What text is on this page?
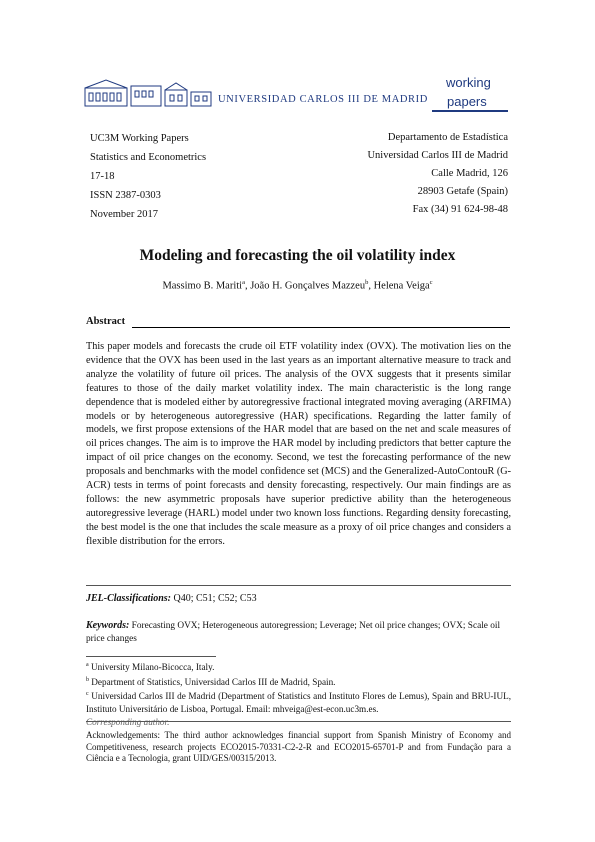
UNIVERSIDAD CARLOS III DE MADRID
working
papers
UC3M Working Papers
Statistics and Econometrics
17-18
ISSN 2387-0303
November 2017
Departamento de Estadística
Universidad Carlos III de Madrid
Calle Madrid, 126
28903 Getafe (Spain)
Fax (34) 91 624-98-48
Modeling and forecasting the oil volatility index
Massimo B. Mariti$^a$, João H. Gonçalves Mazzeu$^b$, Helena Veiga$^c$
Abstract
This paper models and forecasts the crude oil ETF volatility index (OVX). The motivation lies on the evidence that the OVX has been used in the last years as an important alternative measure to track and analyze the volatility of future oil prices. The analysis of the OVX suggests that it presents similar features to those of the daily market volatility index. The main characteristic is the long range dependence that is modeled either by autoregressive fractional integrated moving averaging (ARFIMA) models or by heterogeneous autoregressive (HAR) specifications. Regarding the latter family of models, we first propose extensions of the HAR model that are based on the net and scale measures of oil prices changes. The aim is to improve the HAR model by including predictors that better capture the impact of oil price changes on the economy. Second, we test the forecasting performance of the new proposals and benchmarks with the model confidence set (MCS) and the Generalized-AutoContouR (G-ACR) tests in terms of point forecasts and density forecasting, respectively. Our main findings are as follows: the new asymmetric proposals have superior predictive ability than the heterogeneous autoregressive leverage (HARL) model under two known loss functions. Regarding density forecasting, the best model is the one that includes the scale measure as a proxy of oil price changes and considers a flexible distribution for the errors.
JEL-Classifications: Q40; C51; C52; C53
Keywords: Forecasting OVX; Heterogeneous autoregression; Leverage; Net oil price changes; OVX; Scale oil price changes
$^a$ University Milano-Bicocca, Italy.
$^b$ Department of Statistics, Universidad Carlos III de Madrid, Spain.
$^c$ Universidad Carlos III de Madrid (Department of Statistics and Instituto Flores de Lemus), Spain and BRU-IUL, Instituto Universitário de Lisboa, Portugal. Email: mhveiga@est-econ.uc3m.es.
Acknowledgements: The third author acknowledges financial support from Spanish Ministry of Economy and Competitiveness, research projects ECO2015-70331-C2-2-R and ECO2015-65701-P and from Fundação para a Ciência e a Tecnologia, grant UID/GES/00315/2013.
